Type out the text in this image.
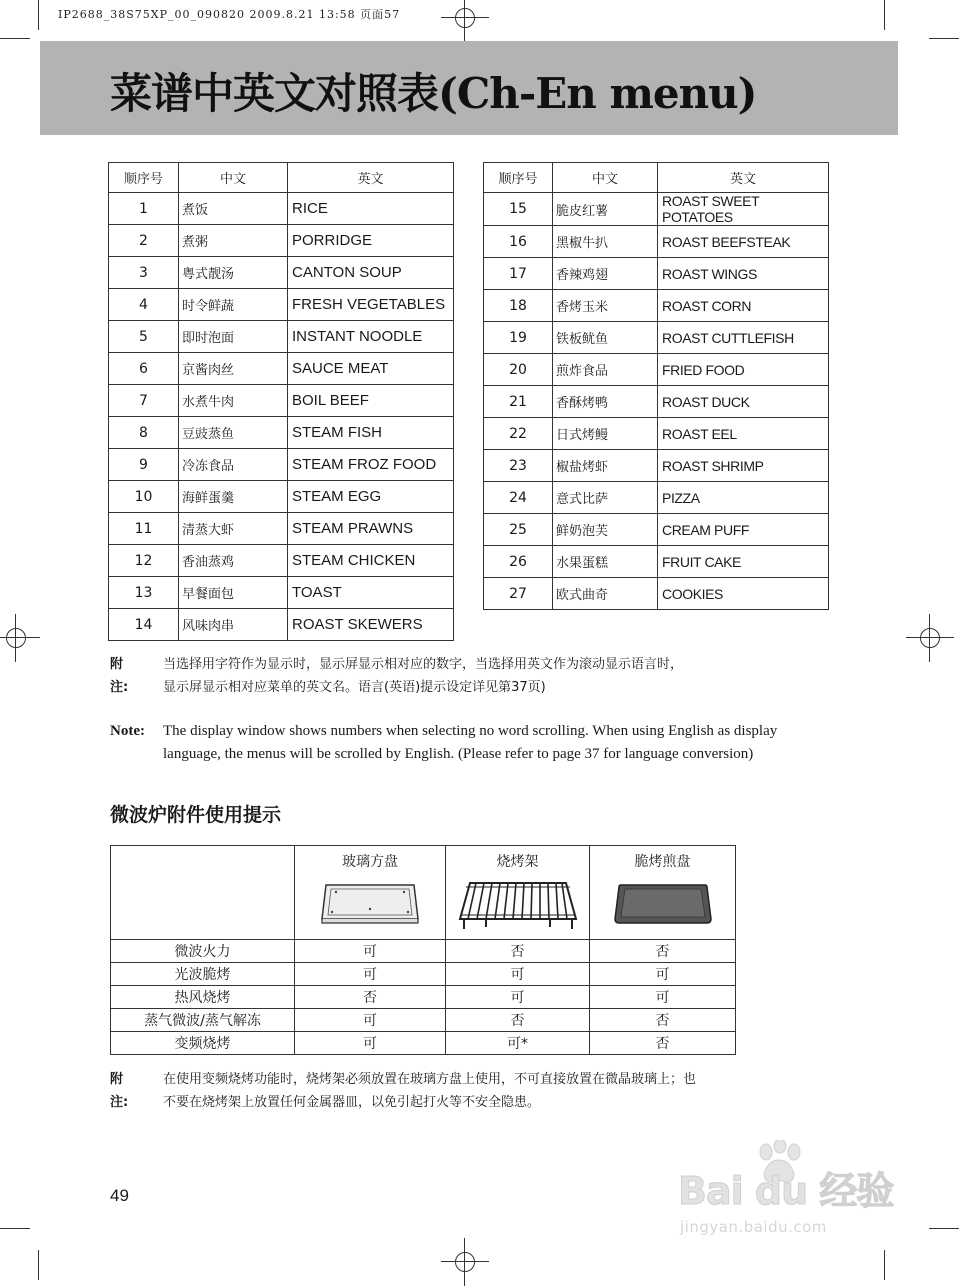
IP2688_38S75XP_00_090820 2009.8.21 13:58 页面57
菜谱中英文对照表(Ch-En menu)
顺序号	中文	英文
1	煮饭	RICE
2	煮粥	PORRIDGE
3	粤式靓汤	CANTON SOUP
4	时令鲜蔬	FRESH VEGETABLES
5	即时泡面	INSTANT NOODLE
6	京酱肉丝	SAUCE MEAT
7	水煮牛肉	BOIL BEEF
8	豆豉蒸鱼	STEAM FISH
9	冷冻食品	STEAM FROZ FOOD
10	海鲜蛋羹	STEAM EGG
11	清蒸大虾	STEAM PRAWNS
12	香油蒸鸡	STEAM CHICKEN
13	早餐面包	TOAST
14	风味肉串	ROAST SKEWERS
顺序号	中文	英文
15	脆皮红薯	ROAST SWEET POTATOES
16	黑椒牛扒	ROAST BEEFSTEAK
17	香辣鸡翅	ROAST WINGS
18	香烤玉米	ROAST CORN
19	铁板鱿鱼	ROAST CUTTLEFISH
20	煎炸食品	FRIED FOOD
21	香酥烤鸭	ROAST DUCK
22	日式烤鳗	ROAST EEL
23	椒盐烤虾	ROAST SHRIMP
24	意式比萨	PIZZA
25	鲜奶泡芙	CREAM PUFF
26	水果蛋糕	FRUIT CAKE
27	欧式曲奇	COOKIES
附注:
当选择用字符作为显示时，显示屏显示相对应的数字，当选择用英文作为滚动显示语言时，
显示屏显示相对应菜单的英文名。语言(英语)提示设定详见第37页)
Note: The display window shows numbers when selecting no word scrolling. When using English as display
language, the menus will be scrolled by English. (Please refer to page 37 for language conversion)
微波炉附件使用提示

	玻璃方盘	烧烤架	脆烤煎盘

微波火力	可	否	否
光波脆烤	可	可	可
热风烧烤	否	可	可
蒸气微波/蒸气解冻	可	否	否
变频烧烤	可	可*	否
附注:
在使用变频烧烤功能时，烧烤架必须放置在玻璃方盘上使用，不可直接放置在微晶玻璃上；也
不要在烧烤架上放置任何金属器皿，以免引起打火等不安全隐患。
49	Bai du 经验
jingyan.baidu.com
